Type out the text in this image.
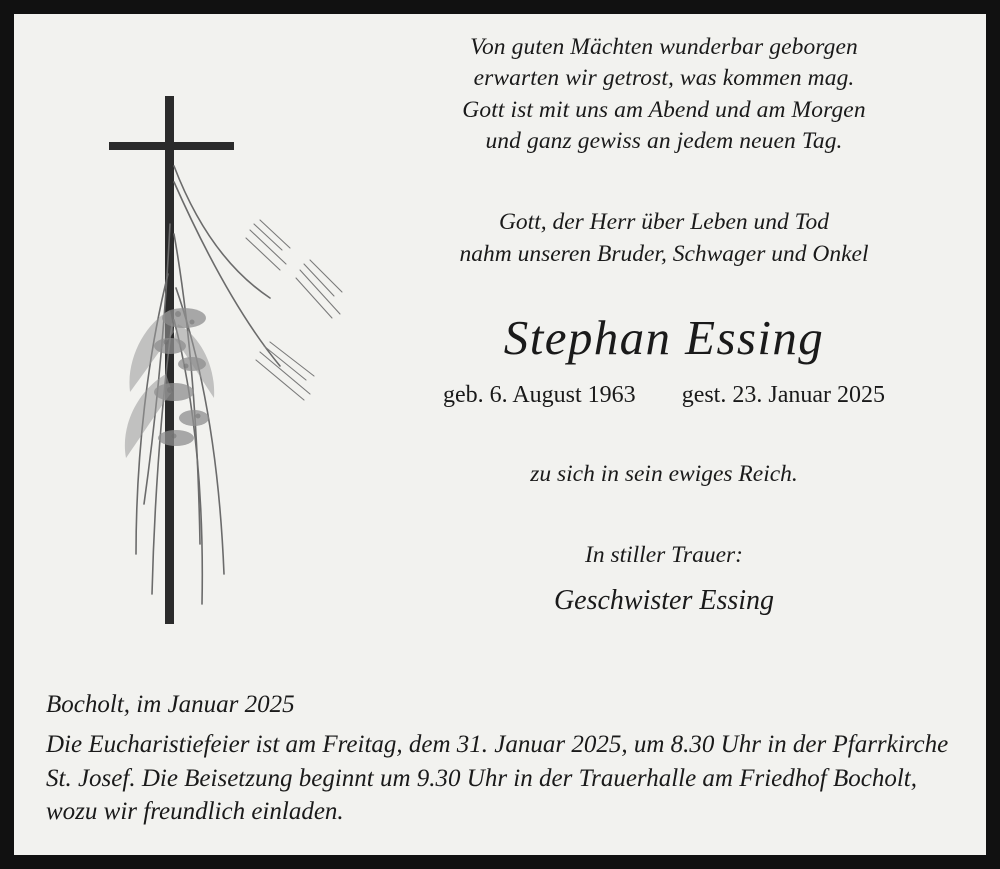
Von guten Mächten wunderbar geborgen
erwarten wir getrost, was kommen mag.
Gott ist mit uns am Abend und am Morgen
und ganz gewiss an jedem neuen Tag.
Gott, der Herr über Leben und Tod
nahm unseren Bruder, Schwager und Onkel
Stephan Essing
geb. 6. August 1963 gest. 23. Januar 2025
zu sich in sein ewiges Reich.
In stiller Trauer:
Geschwister Essing
Bocholt, im Januar 2025
Die Eucharistiefeier ist am Freitag, dem 31. Januar 2025, um 8.30 Uhr in der Pfarrkirche St. Josef. Die Beisetzung beginnt um 9.30 Uhr in der Trauerhalle am Friedhof Bocholt, wozu wir freundlich einladen.
